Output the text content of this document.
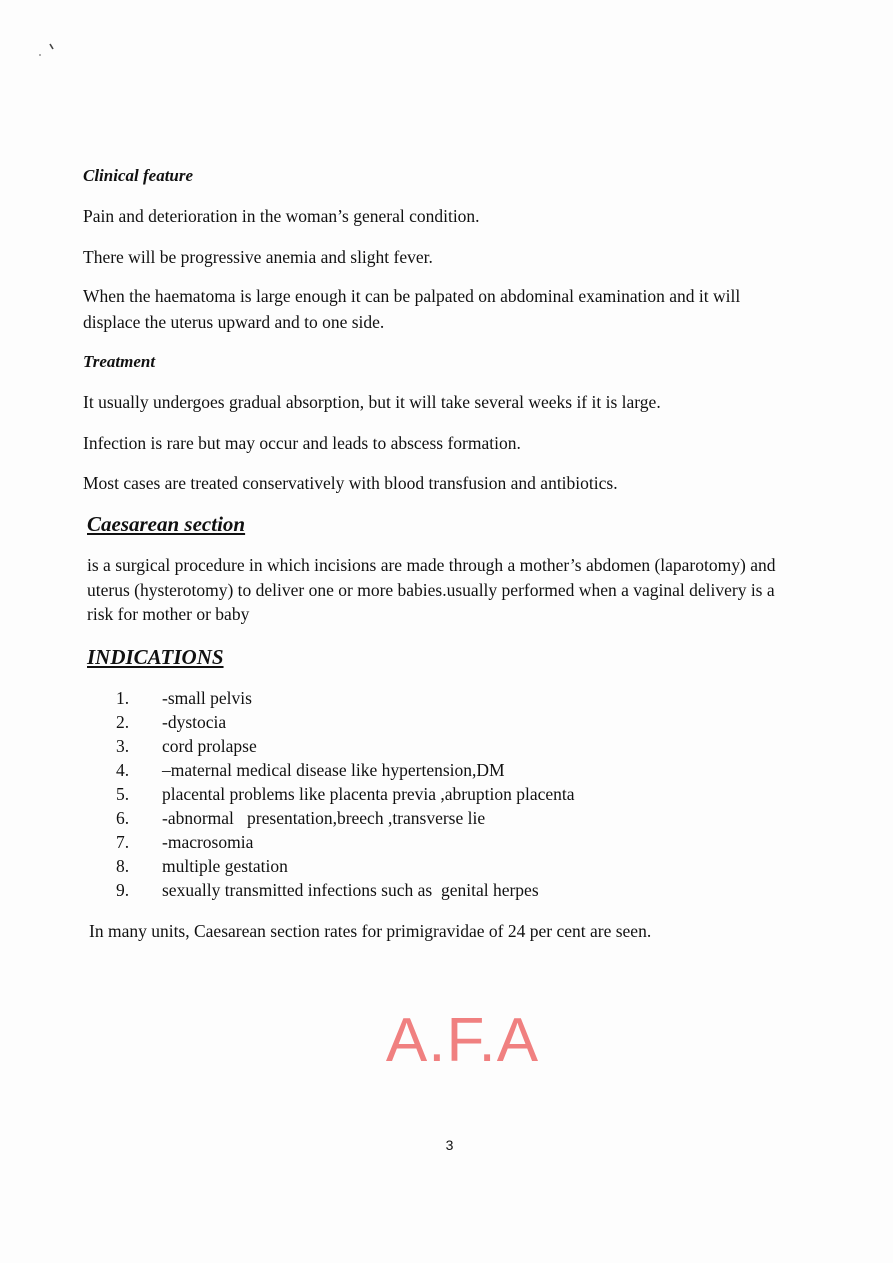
Clinical feature

Pain and deterioration in the woman’s general condition.

There will be progressive anemia and slight fever.

When the haematoma is large enough it can be palpated on abdominal examination and it will displace the uterus upward and to one side.

Treatment

It usually undergoes gradual absorption, but it will take several weeks if it is large.

Infection is rare but may occur and leads to abscess formation.

Most cases are treated conservatively with blood transfusion and antibiotics.

Caesarean section

is a surgical procedure in which incisions are made through a mother’s abdomen (laparotomy) and uterus (hysterotomy) to deliver one or more babies.usually performed when a vaginal delivery is a risk for mother or baby

INDICATIONS

1.	-small pelvis
2.	-dystocia
3.	cord prolapse
4.	–maternal medical disease like hypertension,DM
5.	placental problems like placenta previa ,abruption placenta
6.	-abnormal   presentation,breech ,transverse lie
7.	-macrosomia
8.	multiple gestation
9.	sexually transmitted infections such as  genital herpes

In many units, Caesarean section rates for primigravidae of 24 per cent are seen.

A.F.A

3
